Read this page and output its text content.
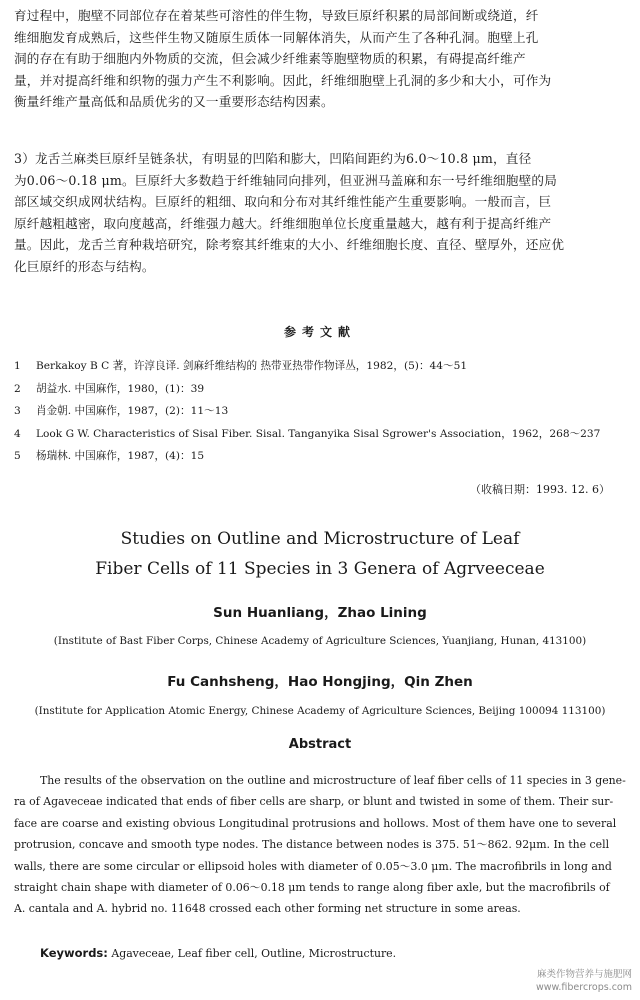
育过程中，胞壁不同部位存在着某些可溶性的伴生物，导致巨原纤积累的局部间断或绕道，纤
维细胞发育成熟后，这些伴生物又随原生质体一同解体消失，从而产生了各种孔洞。胞壁上孔
洞的存在有助于细胞内外物质的交流，但会减少纤维素等胞壁物质的积累，有碍提高纤维产
量，并对提高纤维和织物的强力产生不利影响。因此，纤维细胞壁上孔洞的多少和大小，可作为
衡量纤维产量高低和品质优劣的又一重要形态结构因素。
3）龙舌兰麻类巨原纤呈链条状，有明显的凹陷和膨大，凹陷间距约为6.0～10.8 μm，直径
为0.06～0.18 μm。巨原纤大多数趋于纤维轴同向排列，但亚洲马盖麻和东一号纤维细胞壁的局
部区域交织成网状结构。巨原纤的粗细、取向和分布对其纤维性能产生重要影响。一般而言，巨
原纤越粗越密，取向度越高，纤维强力越大。纤维细胞单位长度重量越大，越有利于提高纤维产
量。因此，龙舌兰育种栽培研究，除考察其纤维束的大小、纤维细胞长度、直径、壁厚外，还应优
化巨原纤的形态与结构。
参考文献
1 Berkakoy B C 著，许淳良译. 剑麻纤维结构的 热带亚热带作物译丛，1982，(5)：44～51
2 胡益水. 中国麻作，1980，(1)：39
3 肖金朝. 中国麻作，1987，(2)：11～13
4 Look G W. Characteristics of Sisal Fiber. Sisal. Tanganyika Sisal Sgrower's Association，1962，268～237
5 杨瑞林. 中国麻作，1987，(4)：15

（收稿日期：1993. 12. 6）

Studies on Outline and Microstructure of Leaf
Fiber Cells of 11 Species in 3 Genera of Agrveeceae

Sun Huanliang，Zhao Lining

(Institute of Bast Fiber Corps, Chinese Academy of Agriculture Sciences, Yuanjiang, Hunan, 413100)

Fu Canhsheng，Hao Hongjing，Qin Zhen

(Institute for Application Atomic Energy, Chinese Academy of Agriculture Sciences, Beijing 100094 113100)

Abstract
The results of the observation on the outline and microstructure of leaf fiber cells of 11 species in 3 gene-
ra of Agaveceae indicated that ends of fiber cells are sharp, or blunt and twisted in some of them. Their sur-
face are coarse and existing obvious Longitudinal protrusions and hollows. Most of them have one to several
protrusion, concave and smooth type nodes. The distance between nodes is 375. 51～862. 92μm. In the cell
walls, there are some circular or ellipsoid holes with diameter of 0.05～3.0 μm. The macrofibrils in long and
straight chain shape with diameter of 0.06～0.18 μm tends to range along fiber axle, but the macrofibrils of
A. cantala and A. hybrid no. 11648 crossed each other forming net structure in some areas.

Keywords: Agaveceae, Leaf fiber cell, Outline, Microstructure.

麻类作物营养与施肥网
www.fibercrops.com
